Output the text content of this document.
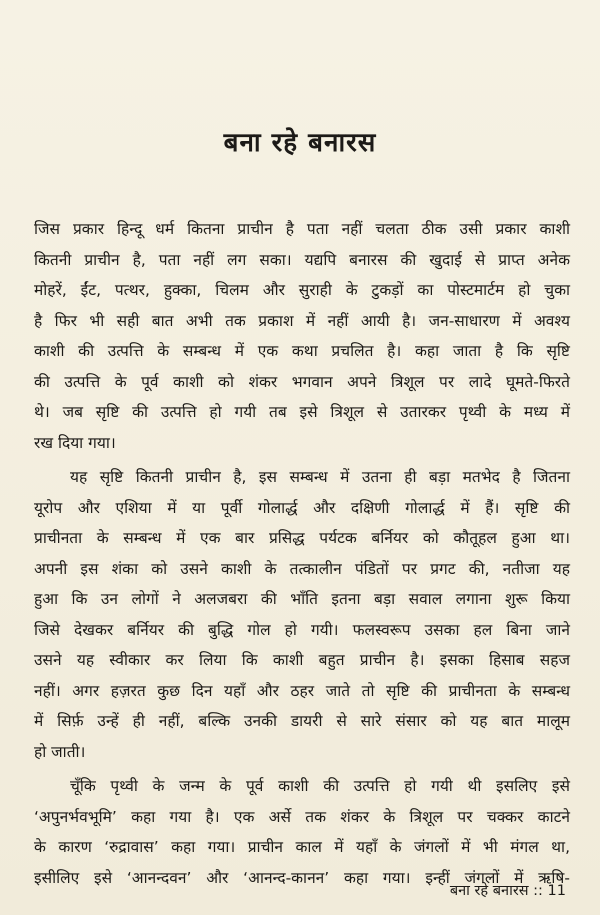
बना रहे बनारस
जिस प्रकार हिन्दू धर्म कितना प्राचीन है पता नहीं चलता ठीक उसी प्रकार काशी
कितनी प्राचीन है, पता नहीं लग सका। यद्यपि बनारस की खुदाई से प्राप्त अनेक
मोहरें, ईंट, पत्थर, हुक्का, चिलम और सुराही के टुकड़ों का पोस्टमार्टम हो चुका
है फिर भी सही बात अभी तक प्रकाश में नहीं आयी है। जन-साधारण में अवश्य
काशी की उत्पत्ति के सम्बन्ध में एक कथा प्रचलित है। कहा जाता है कि सृष्टि
की उत्पत्ति के पूर्व काशी को शंकर भगवान अपने त्रिशूल पर लादे घूमते-फिरते
थे। जब सृष्टि की उत्पत्ति हो गयी तब इसे त्रिशूल से उतारकर पृथ्वी के मध्य में
रख दिया गया।
यह सृष्टि कितनी प्राचीन है, इस सम्बन्ध में उतना ही बड़ा मतभेद है जितना
यूरोप और एशिया में या पूर्वी गोलार्द्ध और दक्षिणी गोलार्द्ध में हैं। सृष्टि की
प्राचीनता के सम्बन्ध में एक बार प्रसिद्ध पर्यटक बर्नियर को कौतूहल हुआ था।
अपनी इस शंका को उसने काशी के तत्कालीन पंडितों पर प्रगट की, नतीजा यह
हुआ कि उन लोगों ने अलजबरा की भाँति इतना बड़ा सवाल लगाना शुरू किया
जिसे देखकर बर्नियर की बुद्धि गोल हो गयी। फलस्वरूप उसका हल बिना जाने
उसने यह स्वीकार कर लिया कि काशी बहुत प्राचीन है। इसका हिसाब सहज
नहीं। अगर हज़रत कुछ दिन यहाँ और ठहर जाते तो सृष्टि की प्राचीनता के सम्बन्ध
में सिर्फ़ उन्हें ही नहीं, बल्कि उनकी डायरी से सारे संसार को यह बात मालूम
हो जाती।
चूँकि पृथ्वी के जन्म के पूर्व काशी की उत्पत्ति हो गयी थी इसलिए इसे
‘अपुनर्भवभूमि’ कहा गया है। एक अर्से तक शंकर के त्रिशूल पर चक्कर काटने
के कारण ‘रुद्रावास’ कहा गया। प्राचीन काल में यहाँ के जंगलों में भी मंगल था,
इसीलिए इसे ‘आनन्दवन’ और ‘आनन्द-कानन’ कहा गया। इन्हीं जंगलों में ऋषि-
बना रहे बनारस :: 11
